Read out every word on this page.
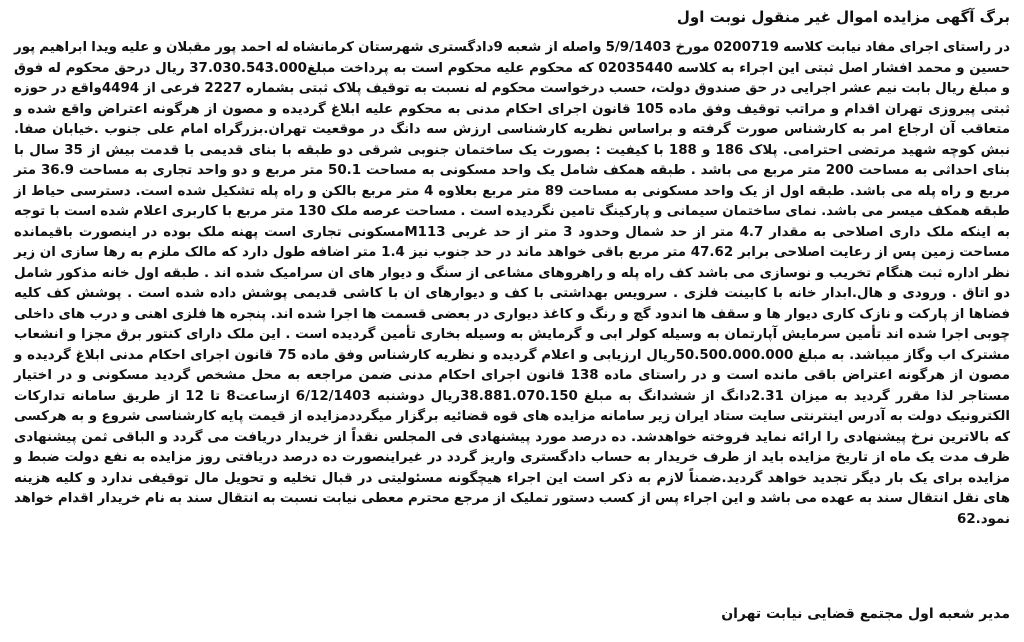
برگ آگهی مزایده اموال غیر منقول نوبت اول

در راستای اجرای مفاد نیابت کلاسه 0200719 مورخ 5/9/1403 واصله از شعبه 9دادگستری شهرستان کرمانشاه له احمد پور مقبلان و علیه ویدا ابراهیم پور حسین و محمد افشار اصل ثبتی این اجراء به کلاسه 02035440 که محکوم علیه محکوم است به پرداخت مبلغ37.030.543.000 ریال درحق محکوم له فوق و مبلغ ریال بابت نیم عشر اجرایی در حق صندوق دولت، حسب درخواست محکوم له نسبت به توقیف پلاک ثبتی بشماره 2227 فرعی از 4494واقع در حوزه ثبتی پیروزی تهران اقدام و مراتب توقیف وفق ماده 105 قانون اجرای احکام مدنی به محکوم علیه ابلاغ گردیده و مصون از هرگونه اعتراض واقع شده و متعاقب آن ارجاع امر به کارشناس صورت گرفته و براساس نظریه کارشناسی ارزش سه دانگ در موقعیت تهران.بزرگراه امام علی جنوب .خیابان صفا. نبش کوچه شهید مرتضی احترامی. پلاک 186 و 188 با کیفیت : بصورت یک ساختمان جنوبی شرقی دو طبقه با بنای قدیمی با قدمت بیش از 35 سال با بنای احداثی به مساحت 200 متر مربع می باشد . طبقه همکف شامل یک واحد مسکونی به مساحت 50.1 متر مربع و دو واحد تجاری به مساحت 36.9 متر مربع و راه پله می باشد. طبقه اول از یک واحد مسکونی به مساحت 89 متر مربع بعلاوه 4 متر مربع بالکن و راه پله تشکیل شده است. دسترسی حیاط از طبقه همکف میسر می باشد. نمای ساختمان سیمانی و پارکینگ تامین نگردیده است . مساحت عرصه ملک 130 متر مربع با کاربری اعلام شده است با توجه به اینکه ملک داری اصلاحی به مقدار 4.7 متر از حد شمال وحدود 3 متر از حد غربی M113مسکونی تجاری است پهنه ملک بوده در اینصورت باقیمانده مساحت زمین پس از رعایت اصلاحی برابر 47.62 متر مربع باقی خواهد ماند در حد جنوب نیز 1.4 متر اضافه طول دارد که مالک ملزم به رها سازی ان زیر نظر اداره ثبت هنگام تخریب و نوسازی می باشد کف راه پله و راهروهای مشاعی از سنگ و دیوار های ان سرامیک شده اند . طبقه اول خانه مذکور شامل دو اتاق . ورودی و هال.ابدار خانه با کابینت فلزی . سرویس بهداشتی با کف و دیوارهای ان با کاشی قدیمی پوشش داده شده است . پوشش کف کلیه فضاها از پارکت و نازک کاری دیوار ها و سقف ها اندود گچ و رنگ و کاغذ دیواری در بعضی قسمت ها اجرا شده اند. پنجره ها فلزی اهنی و درب های داخلی چوبی اجرا شده اند تأمین سرمایش آپارتمان به وسیله کولر ابی و گرمایش به وسیله بخاری تأمین گردیده است . این ملک دارای کنتور برق مجزا و انشعاب مشترک اب وگاز میباشد. به مبلغ 50.500.000.000ریال ارزیابی و اعلام گردیده و نظریه کارشناس وفق ماده 75 قانون اجرای احکام مدنی ابلاغ گردیده و مصون از هرگونه اعتراض باقی مانده است و در راستای ماده 138 قانون اجرای احکام مدنی ضمن مراجعه به محل مشخص گردید مسکونی و در اختیار مستاجر لذا مقرر گردید به میزان 2.31دانگ از ششدانگ به مبلغ 38.881.070.150ریال دوشنبه 6/12/1403 ازساعت8 تا 12 از طریق سامانه تدارکات الکترونیک دولت به آدرس اینترنتی سایت ستاد ایران زیر سامانه مزایده های قوه قضائیه برگزار میگرددمزایده از قیمت پایه کارشناسی شروع و به هرکسی که بالاترین نرخ پیشنهادی را ارائه نماید فروخته خواهدشد. ده درصد مورد پیشنهادی فی المجلس نقداً از خریدار دریافت می گردد و الباقی ثمن پیشنهادی ظرف مدت یک ماه از تاریخ مزایده باید از طرف خریدار به حساب دادگستری واریز گردد در غیراینصورت ده درصد دریافتی روز مزایده به نفع دولت ضبط و مزایده برای یک بار دیگر تجدید خواهد گردید.ضمناً لازم به ذکر است این اجراء هیچگونه مسئولیتی در قبال تخلیه و تحویل مال توقیفی ندارد و کلیه هزینه های نقل انتقال سند به عهده می باشد و این اجراء پس از کسب دستور تملیک از مرجع محترم معطی نیابت نسبت به انتقال سند به نام خریدار اقدام خواهد نمود.62

مدیر شعبه اول مجتمع قضایی نیابت تهران
